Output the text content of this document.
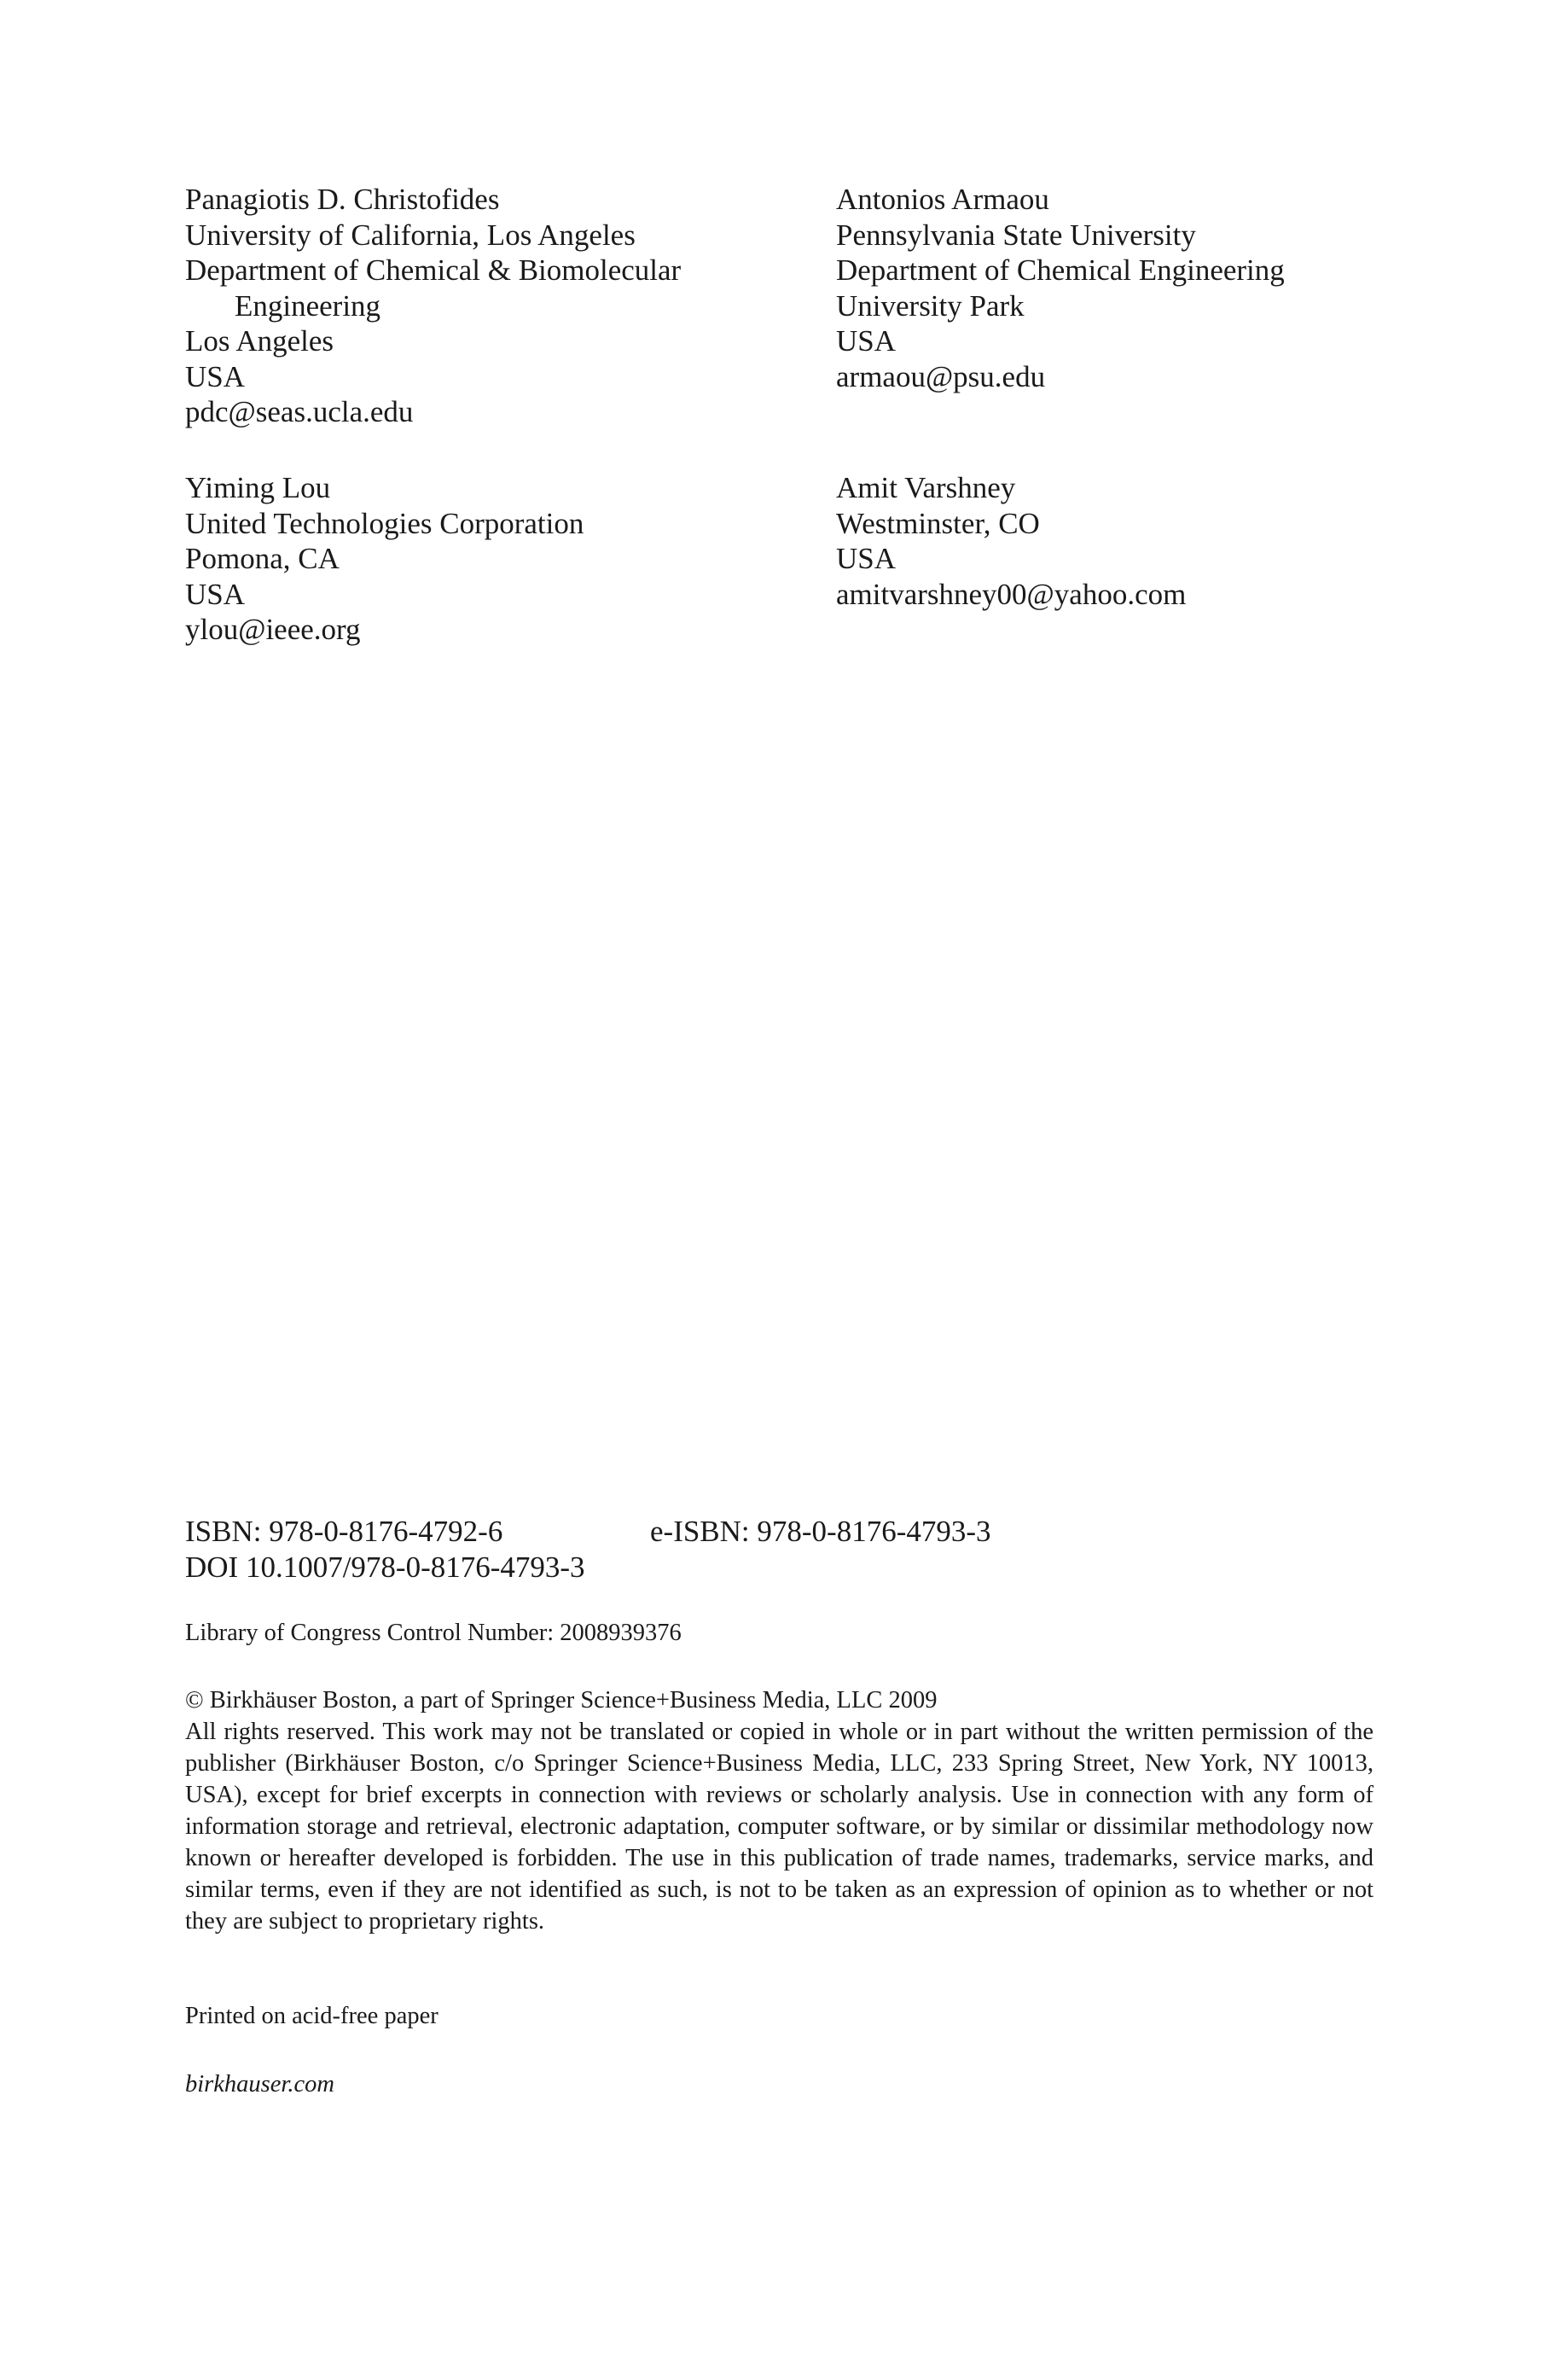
Panagiotis D. Christofides
University of California, Los Angeles
Department of Chemical & Biomolecular
Engineering
Los Angeles
USA
pdc@seas.ucla.edu
Antonios Armaou
Pennsylvania State University
Department of Chemical Engineering
University Park
USA
armaou@psu.edu
Yiming Lou
United Technologies Corporation
Pomona, CA
USA
ylou@ieee.org
Amit Varshney
Westminster, CO
USA
amitvarshney00@yahoo.com
ISBN: 978-0-8176-4792-6	e-ISBN: 978-0-8176-4793-3
DOI 10.1007/978-0-8176-4793-3
Library of Congress Control Number: 2008939376
© Birkhäuser Boston, a part of Springer Science+Business Media, LLC 2009
All rights reserved. This work may not be translated or copied in whole or in part without the written permission of the publisher (Birkhäuser Boston, c/o Springer Science+Business Media, LLC, 233 Spring Street, New York, NY 10013, USA), except for brief excerpts in connection with reviews or scholarly analysis. Use in connection with any form of information storage and retrieval, electronic adaptation, computer software, or by similar or dissimilar methodology now known or hereafter developed is forbidden. The use in this publication of trade names, trademarks, service marks, and similar terms, even if they are not identified as such, is not to be taken as an expression of opinion as to whether or not they are subject to proprietary rights.
Printed on acid-free paper
birkhauser.com
